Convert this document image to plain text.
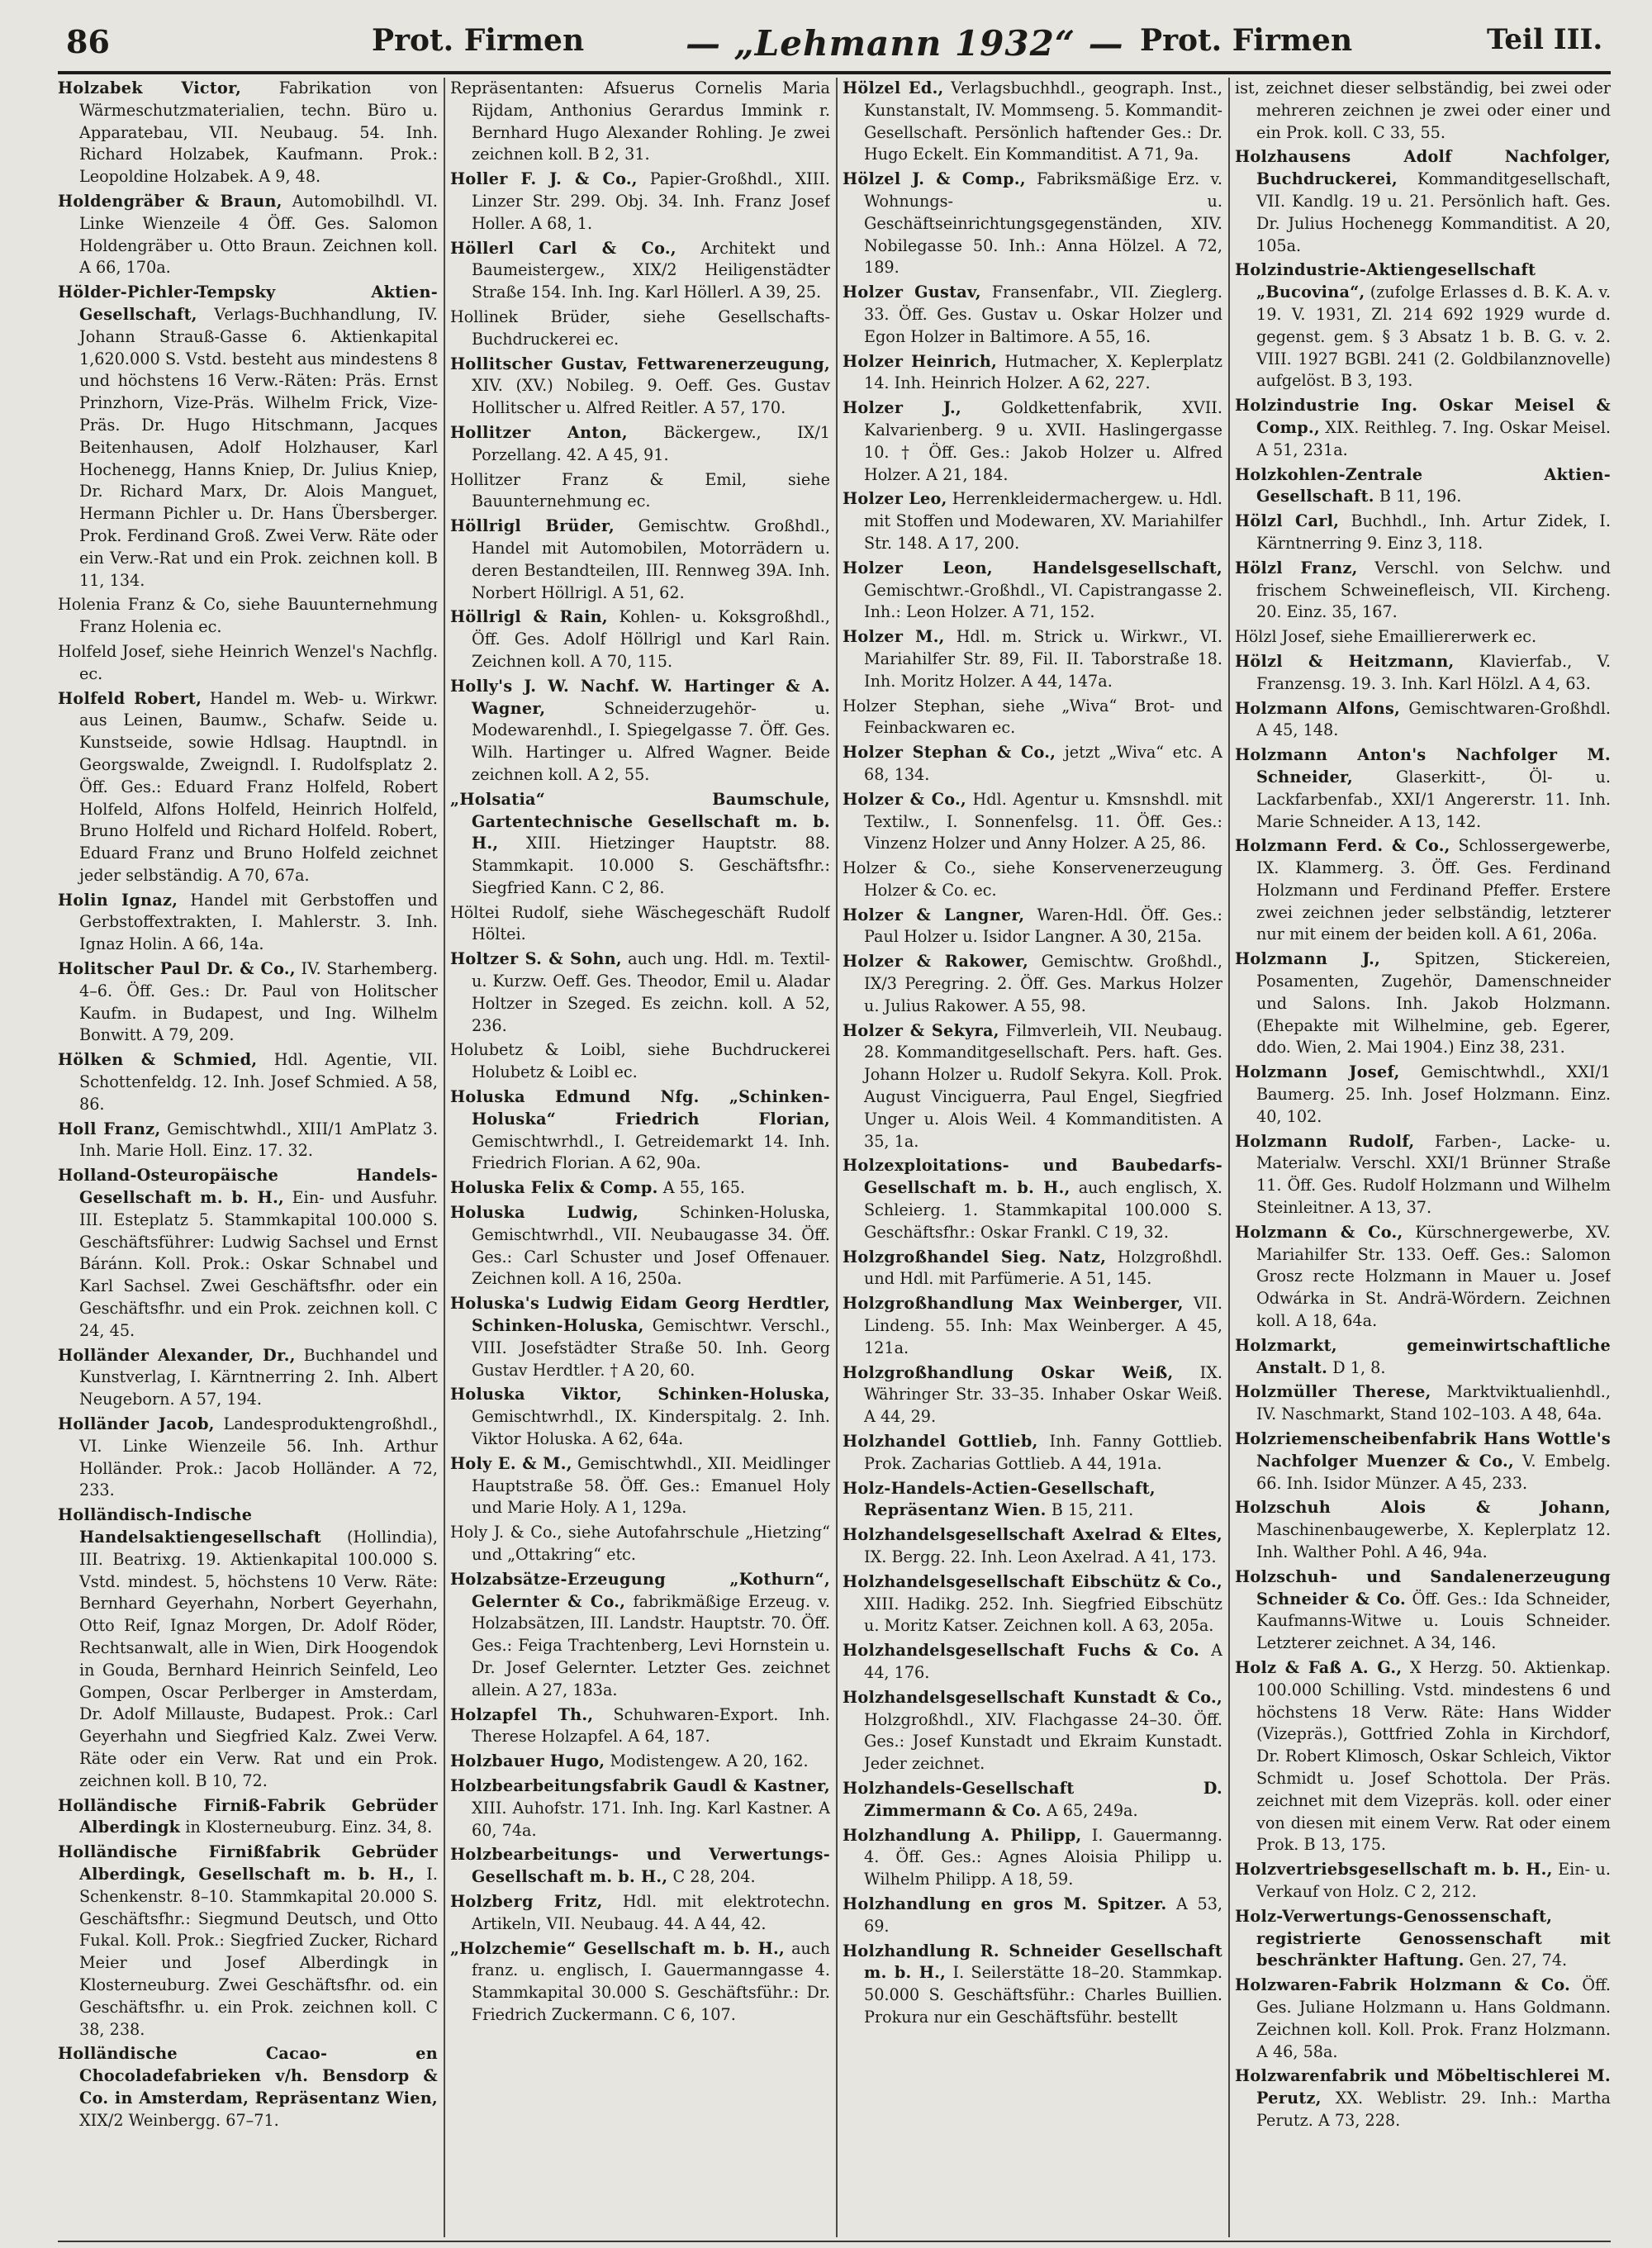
86	Prot. Firmen	— „Lehmann 1932“ — Prot. Firmen	Teil III.
Holzabek Victor, Fabrikation von Wärmeschutzmaterialien, techn. Büro u. Apparatebau, VII. Neubaug. 54. Inh. Richard Holzabek, Kaufmann. Prok.: Leopoldine Holzabek. A 9, 48.
Holdengräber & Braun, Automobilhdl. VI. Linke Wienzeile 4 Öff. Ges. Salomon Holdengräber u. Otto Braun. Zeichnen koll. A 66, 170a.
Hölder-Pichler-Tempsky Aktien-Gesellschaft, Verlags-Buchhandlung, IV. Johann Strauß-Gasse 6. Aktienkapital 1,620.000 S. Vstd. besteht aus mindestens 8 und höchstens 16 Verw.-Räten: Präs. Ernst Prinzhorn, Vize-Präs. Wilhelm Frick, Vize-Präs. Dr. Hugo Hitschmann, Jacques Beitenhausen, Adolf Holzhauser, Karl Hochenegg, Hanns Kniep, Dr. Julius Kniep, Dr. Richard Marx, Dr. Alois Manguet, Hermann Pichler u. Dr. Hans Übersberger. Prok. Ferdinand Groß. Zwei Verw. Räte oder ein Verw.-Rat und ein Prok. zeichnen koll. B 11, 134.
Holenia Franz & Co, siehe Bauunternehmung Franz Holenia ec.
Holfeld Josef, siehe Heinrich Wenzel's Nachflg. ec.
Holfeld Robert, Handel m. Web- u. Wirkwr. aus Leinen, Baumw., Schafw. Seide u. Kunstseide, sowie Hdlsag. Hauptndl. in Georgswalde, Zweigndl. I. Rudolfsplatz 2. Öff. Ges.: Eduard Franz Holfeld, Robert Holfeld, Alfons Holfeld, Heinrich Holfeld, Bruno Holfeld und Richard Holfeld. Robert, Eduard Franz und Bruno Holfeld zeichnet jeder selbständig. A 70, 67a.
Holin Ignaz, Handel mit Gerbstoffen und Gerbstoffextrakten, I. Mahlerstr. 3. Inh. Ignaz Holin. A 66, 14a.
Holitscher Paul Dr. & Co., IV. Starhemberg. 4–6. Öff. Ges.: Dr. Paul von Holitscher Kaufm. in Budapest, und Ing. Wilhelm Bonwitt. A 79, 209.
Hölken & Schmied, Hdl. Agentie, VII. Schottenfeldg. 12. Inh. Josef Schmied. A 58, 86.
Holl Franz, Gemischtwhdl., XIII/1 AmPlatz 3. Inh. Marie Holl. Einz. 17. 32.
Holland-Osteuropäische Handels-Gesellschaft m. b. H., Ein- und Ausfuhr. III. Esteplatz 5. Stammkapital 100.000 S. Geschäftsführer: Ludwig Sachsel und Ernst Báránn. Koll. Prok.: Oskar Schnabel und Karl Sachsel. Zwei Geschäftsfhr. oder ein Geschäftsfhr. und ein Prok. zeichnen koll. C 24, 45.
Holländer Alexander, Dr., Buchhandel und Kunstverlag, I. Kärntnerring 2. Inh. Albert Neugeborn. A 57, 194.
Holländer Jacob, Landesproduktengroßhdl., VI. Linke Wienzeile 56. Inh. Arthur Holländer. Prok.: Jacob Holländer. A 72, 233.
Holländisch-Indische Handelsaktiengesellschaft (Hollindia), III. Beatrixg. 19. Aktienkapital 100.000 S. Vstd. mindest. 5, höchstens 10 Verw. Räte: Bernhard Geyerhahn, Norbert Geyerhahn, Otto Reif, Ignaz Morgen, Dr. Adolf Röder, Rechtsanwalt, alle in Wien, Dirk Hoogendok in Gouda, Bernhard Heinrich Seinfeld, Leo Gompen, Oscar Perlberger in Amsterdam, Dr. Adolf Millauste, Budapest. Prok.: Carl Geyerhahn und Siegfried Kalz. Zwei Verw. Räte oder ein Verw. Rat und ein Prok. zeichnen koll. B 10, 72.
Holländische Firniß-Fabrik Gebrüder Alberdingk in Klosterneuburg. Einz. 34, 8.
Holländische Firnißfabrik Gebrüder Alberdingk, Gesellschaft m. b. H., I. Schenkenstr. 8–10. Stammkapital 20.000 S. Geschäftsfhr.: Siegmund Deutsch, und Otto Fukal. Koll. Prok.: Siegfried Zucker, Richard Meier und Josef Alberdingk in Klosterneuburg. Zwei Geschäftsfhr. od. ein Geschäftsfhr. u. ein Prok. zeichnen koll. C 38, 238.
Holländische Cacao- en Chocoladefabrieken v/h. Bensdorp & Co. in Amsterdam, Repräsentanz Wien, XIX/2 Weinbergg. 67–71.
Repräsentanten: Afsuerus Cornelis Maria Rijdam, Anthonius Gerardus Immink r. Bernhard Hugo Alexander Rohling. Je zwei zeichnen koll. B 2, 31.
Holler F. J. & Co., Papier-Großhdl., XIII. Linzer Str. 299. Obj. 34. Inh. Franz Josef Holler. A 68, 1.
Höllerl Carl & Co., Architekt und Baumeistergew., XIX/2 Heiligenstädter Straße 154. Inh. Ing. Karl Höllerl. A 39, 25.
Hollinek Brüder, siehe Gesellschafts-Buchdruckerei ec.
Hollitscher Gustav, Fettwarenerzeugung, XIV. (XV.) Nobileg. 9. Oeff. Ges. Gustav Hollitscher u. Alfred Reitler. A 57, 170.
Hollitzer Anton, Bäckergew., IX/1 Porzellang. 42. A 45, 91.
Hollitzer Franz & Emil, siehe Bauunternehmung ec.
Höllrigl Brüder, Gemischtw. Großhdl., Handel mit Automobilen, Motorrädern u. deren Bestandteilen, III. Rennweg 39A. Inh. Norbert Höllrigl. A 51, 62.
Höllrigl & Rain, Kohlen- u. Koksgroßhdl., Öff. Ges. Adolf Höllrigl und Karl Rain. Zeichnen koll. A 70, 115.
Holly's J. W. Nachf. W. Hartinger & A. Wagner, Schneiderzugehör- u. Modewarenhdl., I. Spiegelgasse 7. Öff. Ges. Wilh. Hartinger u. Alfred Wagner. Beide zeichnen koll. A 2, 55.
„Holsatia“ Baumschule, Gartentechnische Gesellschaft m. b. H., XIII. Hietzinger Hauptstr. 88. Stammkapit. 10.000 S. Geschäftsfhr.: Siegfried Kann. C 2, 86.
Höltei Rudolf, siehe Wäschegeschäft Rudolf Höltei.
Holtzer S. & Sohn, auch ung. Hdl. m. Textil-u. Kurzw. Oeff. Ges. Theodor, Emil u. Aladar Holtzer in Szeged. Es zeichn. koll. A 52, 236.
Holubetz & Loibl, siehe Buchdruckerei Holubetz & Loibl ec.
Holuska Edmund Nfg. „Schinken-Holuska“ Friedrich Florian, Gemischtwrhdl., I. Getreidemarkt 14. Inh. Friedrich Florian. A 62, 90a.
Holuska Felix & Comp. A 55, 165.
Holuska Ludwig, Schinken-Holuska, Gemischtwrhdl., VII. Neubaugasse 34. Öff. Ges.: Carl Schuster und Josef Offenauer. Zeichnen koll. A 16, 250a.
Holuska's Ludwig Eidam Georg Herdtler, Schinken-Holuska, Gemischtwr. Verschl., VIII. Josefstädter Straße 50. Inh. Georg Gustav Herdtler. † A 20, 60.
Holuska Viktor, Schinken-Holuska, Gemischtwrhdl., IX. Kinderspitalg. 2. Inh. Viktor Holuska. A 62, 64a.
Holy E. & M., Gemischtwhdl., XII. Meidlinger Hauptstraße 58. Öff. Ges.: Emanuel Holy und Marie Holy. A 1, 129a.
Holy J. & Co., siehe Autofahrschule „Hietzing“ und „Ottakring“ etc.
Holzabsätze-Erzeugung „Kothurn“, Gelernter & Co., fabrikmäßige Erzeug. v. Holzabsätzen, III. Landstr. Hauptstr. 70. Öff. Ges.: Feiga Trachtenberg, Levi Hornstein u. Dr. Josef Gelernter. Letzter Ges. zeichnet allein. A 27, 183a.
Holzapfel Th., Schuhwaren-Export. Inh. Therese Holzapfel. A 64, 187.
Holzbauer Hugo, Modistengew. A 20, 162.
Holzbearbeitungsfabrik Gaudl & Kastner, XIII. Auhofstr. 171. Inh. Ing. Karl Kastner. A 60, 74a.
Holzbearbeitungs- und Verwertungs-Gesellschaft m. b. H., C 28, 204.
Holzberg Fritz, Hdl. mit elektrotechn. Artikeln, VII. Neubaug. 44. A 44, 42.
„Holzchemie“ Gesellschaft m. b. H., auch franz. u. englisch, I. Gauermanngasse 4. Stammkapital 30.000 S. Geschäftsführ.: Dr. Friedrich Zuckermann. C 6, 107.
Hölzel Ed., Verlagsbuchhdl., geograph. Inst., Kunstanstalt, IV. Mommseng. 5. Kommandit-Gesellschaft. Persönlich haftender Ges.: Dr. Hugo Eckelt. Ein Kommanditist. A 71, 9a.
Hölzel J. & Comp., Fabriksmäßige Erz. v. Wohnungs- u. Geschäftseinrichtungsgegenständen, XIV. Nobilegasse 50. Inh.: Anna Hölzel. A 72, 189.
Holzer Gustav, Fransenfabr., VII. Zieglerg. 33. Öff. Ges. Gustav u. Oskar Holzer und Egon Holzer in Baltimore. A 55, 16.
Holzer Heinrich, Hutmacher, X. Keplerplatz 14. Inh. Heinrich Holzer. A 62, 227.
Holzer J., Goldkettenfabrik, XVII. Kalvarienberg. 9 u. XVII. Haslingergasse 10. † Öff. Ges.: Jakob Holzer u. Alfred Holzer. A 21, 184.
Holzer Leo, Herrenkleidermachergew. u. Hdl. mit Stoffen und Modewaren, XV. Mariahilfer Str. 148. A 17, 200.
Holzer Leon, Handelsgesellschaft, Gemischtwr.-Großhdl., VI. Capistrangasse 2. Inh.: Leon Holzer. A 71, 152.
Holzer M., Hdl. m. Strick u. Wirkwr., VI. Mariahilfer Str. 89, Fil. II. Taborstraße 18. Inh. Moritz Holzer. A 44, 147a.
Holzer Stephan, siehe „Wiva“ Brot- und Feinbackwaren ec.
Holzer Stephan & Co., jetzt „Wiva“ etc. A 68, 134.
Holzer & Co., Hdl. Agentur u. Kmsnshdl. mit Textilw., I. Sonnenfelsg. 11. Öff. Ges.: Vinzenz Holzer und Anny Holzer. A 25, 86.
Holzer & Co., siehe Konservenerzeugung Holzer & Co. ec.
Holzer & Langner, Waren-Hdl. Öff. Ges.: Paul Holzer u. Isidor Langner. A 30, 215a.
Holzer & Rakower, Gemischtw. Großhdl., IX/3 Peregring. 2. Öff. Ges. Markus Holzer u. Julius Rakower. A 55, 98.
Holzer & Sekyra, Filmverleih, VII. Neubaug. 28. Kommanditgesellschaft. Pers. haft. Ges. Johann Holzer u. Rudolf Sekyra. Koll. Prok. August Vinciguerra, Paul Engel, Siegfried Unger u. Alois Weil. 4 Kommanditisten. A 35, 1a.
Holzexploitations- und Baubedarfs-Gesellschaft m. b. H., auch englisch, X. Schleierg. 1. Stammkapital 100.000 S. Geschäftsfhr.: Oskar Frankl. C 19, 32.
Holzgroßhandel Sieg. Natz, Holzgroßhdl. und Hdl. mit Parfümerie. A 51, 145.
Holzgroßhandlung Max Weinberger, VII. Lindeng. 55. Inh: Max Weinberger. A 45, 121a.
Holzgroßhandlung Oskar Weiß, IX. Währinger Str. 33–35. Inhaber Oskar Weiß. A 44, 29.
Holzhandel Gottlieb, Inh. Fanny Gottlieb. Prok. Zacharias Gottlieb. A 44, 191a.
Holz-Handels-Actien-Gesellschaft, Repräsentanz Wien. B 15, 211.
Holzhandelsgesellschaft Axelrad & Eltes, IX. Bergg. 22. Inh. Leon Axelrad. A 41, 173.
Holzhandelsgesellschaft Eibschütz & Co., XIII. Hadikg. 252. Inh. Siegfried Eibschütz u. Moritz Katser. Zeichnen koll. A 63, 205a.
Holzhandelsgesellschaft Fuchs & Co. A 44, 176.
Holzhandelsgesellschaft Kunstadt & Co., Holzgroßhdl., XIV. Flachgasse 24–30. Öff. Ges.: Josef Kunstadt und Ekraim Kunstadt. Jeder zeichnet.
Holzhandels-Gesellschaft D. Zimmermann & Co. A 65, 249a.
Holzhandlung A. Philipp, I. Gauermanng. 4. Öff. Ges.: Agnes Aloisia Philipp u. Wilhelm Philipp. A 18, 59.
Holzhandlung en gros M. Spitzer. A 53, 69.
Holzhandlung R. Schneider Gesellschaft m. b. H., I. Seilerstätte 18–20. Stammkap. 50.000 S. Geschäftsführ.: Charles Buillien. Prokura nur ein Geschäftsführ. bestellt
ist, zeichnet dieser selbständig, bei zwei oder mehreren zeichnen je zwei oder einer und ein Prok. koll. C 33, 55.
Holzhausens Adolf Nachfolger, Buchdruckerei, Kommanditgesellschaft, VII. Kandlg. 19 u. 21. Persönlich haft. Ges. Dr. Julius Hochenegg Kommanditist. A 20, 105a.
Holzindustrie-Aktiengesellschaft „Bucovina“, (zufolge Erlasses d. B. K. A. v. 19. V. 1931, Zl. 214 692 1929 wurde d. gegenst. gem. § 3 Absatz 1 b. B. G. v. 2. VIII. 1927 BGBl. 241 (2. Goldbilanznovelle) aufgelöst. B 3, 193.
Holzindustrie Ing. Oskar Meisel & Comp., XIX. Reithleg. 7. Ing. Oskar Meisel. A 51, 231a.
Holzkohlen-Zentrale Aktien-Gesellschaft. B 11, 196.
Hölzl Carl, Buchhdl., Inh. Artur Zidek, I. Kärntnerring 9. Einz 3, 118.
Hölzl Franz, Verschl. von Selchw. und frischem Schweinefleisch, VII. Kircheng. 20. Einz. 35, 167.
Hölzl Josef, siehe Emailliererwerk ec.
Hölzl & Heitzmann, Klavierfab., V. Franzensg. 19. 3. Inh. Karl Hölzl. A 4, 63.
Holzmann Alfons, Gemischtwaren-Großhdl. A 45, 148.
Holzmann Anton's Nachfolger M. Schneider, Glaserkitt-, Öl- u. Lackfarbenfab., XXI/1 Angererstr. 11. Inh. Marie Schneider. A 13, 142.
Holzmann Ferd. & Co., Schlossergewerbe, IX. Klammerg. 3. Öff. Ges. Ferdinand Holzmann und Ferdinand Pfeffer. Erstere zwei zeichnen jeder selbständig, letzterer nur mit einem der beiden koll. A 61, 206a.
Holzmann J., Spitzen, Stickereien, Posamenten, Zugehör, Damenschneider und Salons. Inh. Jakob Holzmann. (Ehepakte mit Wilhelmine, geb. Egerer, ddo. Wien, 2. Mai 1904.) Einz 38, 231.
Holzmann Josef, Gemischtwhdl., XXI/1 Baumerg. 25. Inh. Josef Holzmann. Einz. 40, 102.
Holzmann Rudolf, Farben-, Lacke- u. Materialw. Verschl. XXI/1 Brünner Straße 11. Öff. Ges. Rudolf Holzmann und Wilhelm Steinleitner. A 13, 37.
Holzmann & Co., Kürschnergewerbe, XV. Mariahilfer Str. 133. Oeff. Ges.: Salomon Grosz recte Holzmann in Mauer u. Josef Odwárka in St. Andrä-Wördern. Zeichnen koll. A 18, 64a.
Holzmarkt, gemeinwirtschaftliche Anstalt. D 1, 8.
Holzmüller Therese, Marktviktualienhdl., IV. Naschmarkt, Stand 102–103. A 48, 64a.
Holzriemenscheibenfabrik Hans Wottle's Nachfolger Muenzer & Co., V. Embelg. 66. Inh. Isidor Münzer. A 45, 233.
Holzschuh Alois & Johann, Maschinenbaugewerbe, X. Keplerplatz 12. Inh. Walther Pohl. A 46, 94a.
Holzschuh- und Sandalenerzeugung Schneider & Co. Öff. Ges.: Ida Schneider, Kaufmanns-Witwe u. Louis Schneider. Letzterer zeichnet. A 34, 146.
Holz & Faß A. G., X Herzg. 50. Aktienkap. 100.000 Schilling. Vstd. mindestens 6 und höchstens 18 Verw. Räte: Hans Widder (Vizepräs.), Gottfried Zohla in Kirchdorf, Dr. Robert Klimosch, Oskar Schleich, Viktor Schmidt u. Josef Schottola. Der Präs. zeichnet mit dem Vizepräs. koll. oder einer von diesen mit einem Verw. Rat oder einem Prok. B 13, 175.
Holzvertriebsgesellschaft m. b. H., Ein- u. Verkauf von Holz. C 2, 212.
Holz-Verwertungs-Genossenschaft, registrierte Genossenschaft mit beschränkter Haftung. Gen. 27, 74.
Holzwaren-Fabrik Holzmann & Co. Öff. Ges. Juliane Holzmann u. Hans Goldmann. Zeichnen koll. Koll. Prok. Franz Holzmann. A 46, 58a.
Holzwarenfabrik und Möbeltischlerei M. Perutz, XX. Weblistr. 29. Inh.: Martha Perutz. A 73, 228.
